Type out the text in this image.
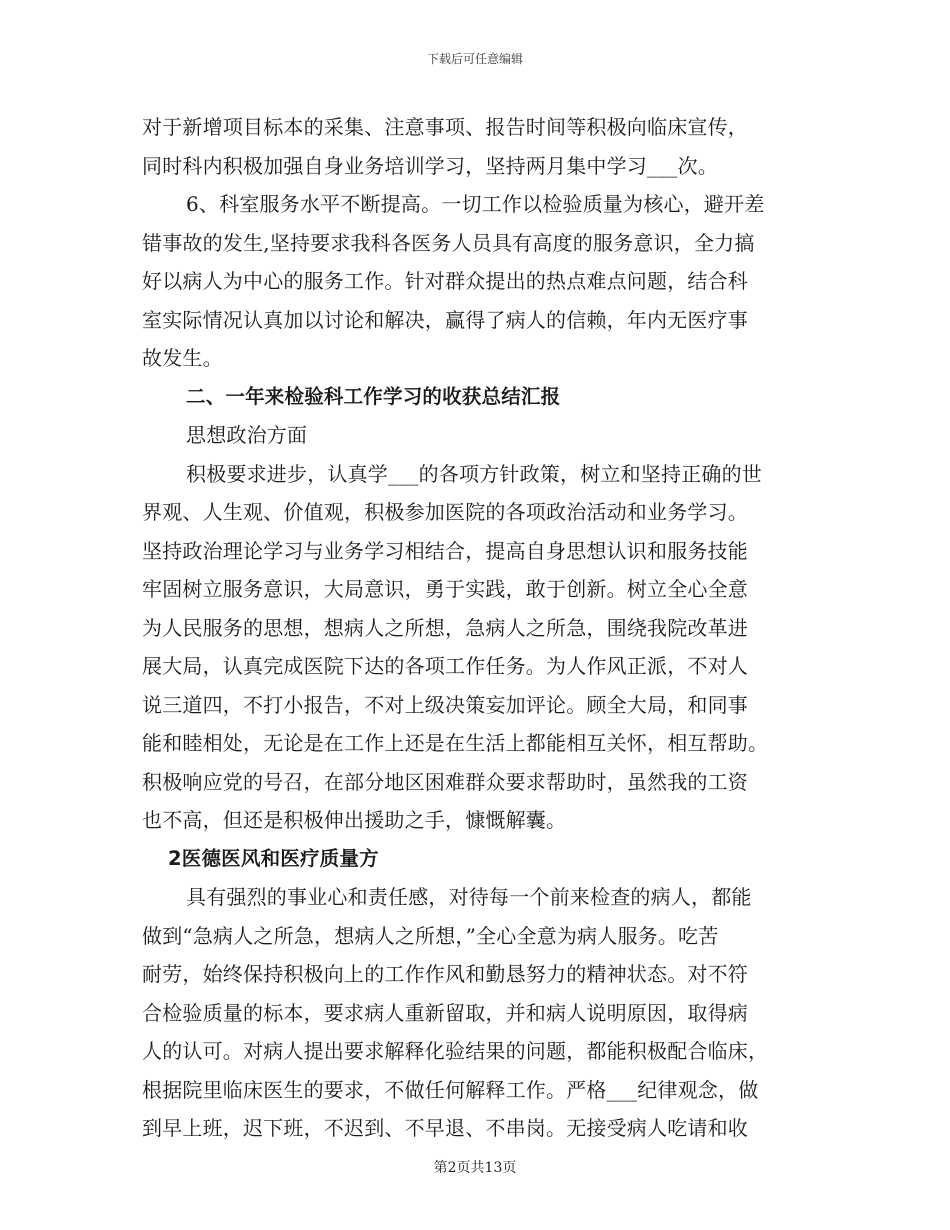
下载后可任意编辑
对于新增项目标本的采集、注意事项、报告时间等积极向临床宣传，
同时科内积极加强自身业务培训学习，坚持两月集中学习___次。
6、科室服务水平不断提高。一切工作以检验质量为核心，避开差
错事故的发生,坚持要求我科各医务人员具有高度的服务意识，全力搞
好以病人为中心的服务工作。针对群众提出的热点难点问题，结合科
室实际情况认真加以讨论和解决，赢得了病人的信赖，年内无医疗事
故发生。
二、一年来检验科工作学习的收获总结汇报
思想政治方面
积极要求进步，认真学___的各项方针政策，树立和坚持正确的世
界观、人生观、价值观，积极参加医院的各项政治活动和业务学习。
坚持政治理论学习与业务学习相结合，提高自身思想认识和服务技能
牢固树立服务意识，大局意识，勇于实践，敢于创新。树立全心全意
为人民服务的思想，想病人之所想，急病人之所急，围绕我院改革进
展大局，认真完成医院下达的各项工作任务。为人作风正派，不对人
说三道四，不打小报告，不对上级决策妄加评论。顾全大局，和同事
能和睦相处，无论是在工作上还是在生活上都能相互关怀，相互帮助。
积极响应党的号召，在部分地区困难群众要求帮助时，虽然我的工资
也不高，但还是积极伸出援助之手，慷慨解囊。
2医德医风和医疗质量方
具有强烈的事业心和责任感，对待每一个前来检查的病人，都能
做到“急病人之所急，想病人之所想，”全心全意为病人服务。吃苦
耐劳，始终保持积极向上的工作作风和勤恳努力的精神状态。对不符
合检验质量的标本，要求病人重新留取，并和病人说明原因，取得病
人的认可。对病人提出要求解释化验结果的问题，都能积极配合临床，
根据院里临床医生的要求，不做任何解释工作。严格___纪律观念，做
到早上班，迟下班，不迟到、不早退、不串岗。无接受病人吃请和收
第2页共13页
